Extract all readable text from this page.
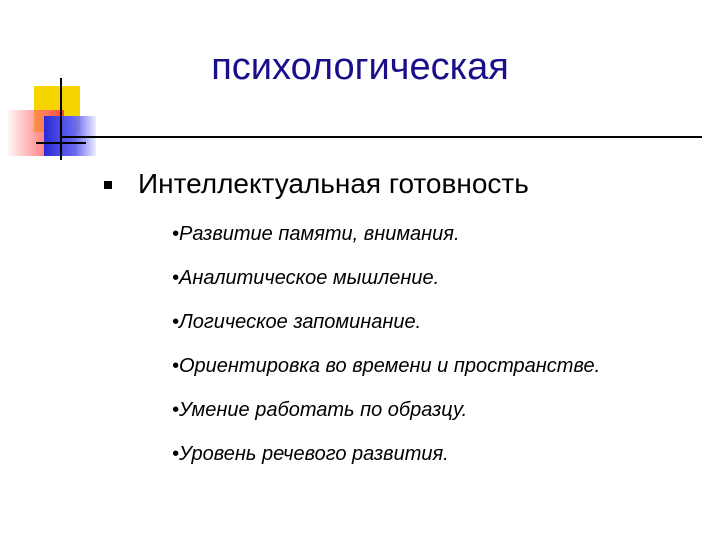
психологическая
Интеллектуальная готовность
•Развитие памяти, внимания.
•Аналитическое мышление.
•Логическое запоминание.
•Ориентировка во времени и пространстве.
•Умение работать по образцу.
•Уровень речевого развития.
